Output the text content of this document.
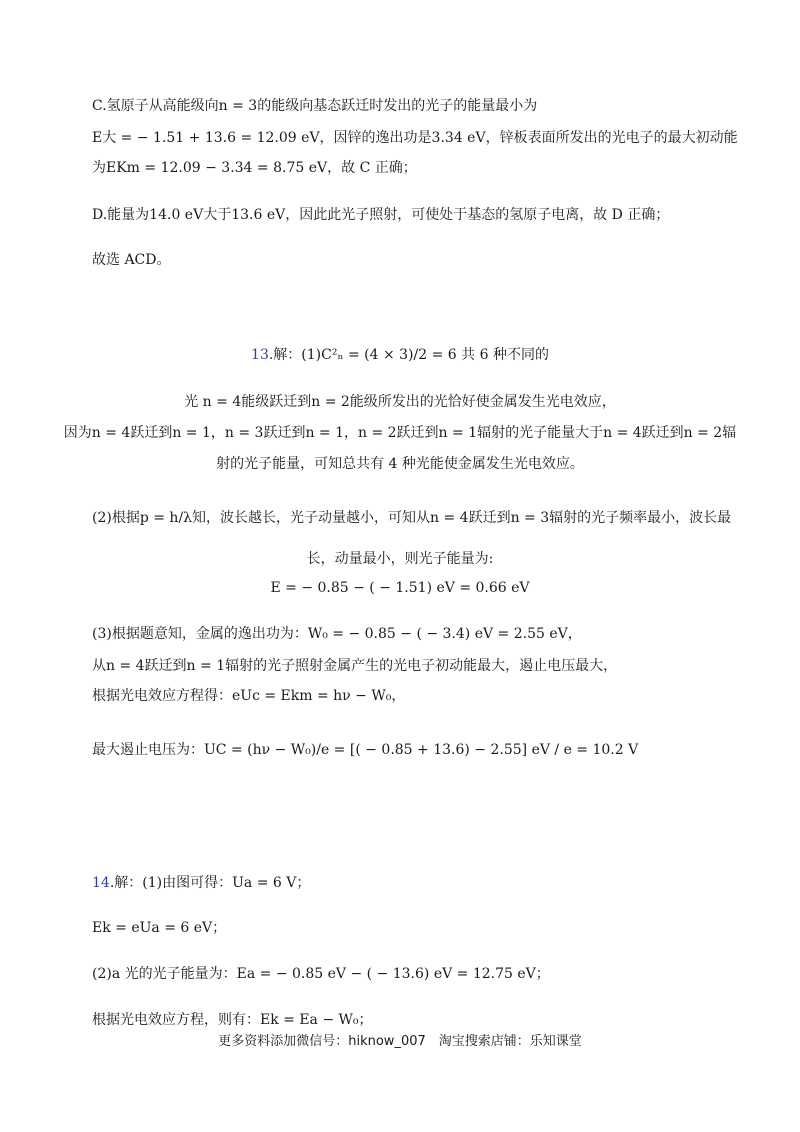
C.氢原子从高能级向n = 3的能级向基态跃迁时发出的光子的能量最小为
E大 = − 1.51 + 13.6 = 12.09 eV，因锌的逸出功是3.34 eV，锌板表面所发出的光电子的最大初动能
为EKm = 12.09 − 3.34 = 8.75 eV，故 C 正确；
D.能量为14.0 eV大于13.6 eV，因此此光子照射，可使处于基态的氢原子电离，故 D 正确；
故选 ACD。
13.解：(1)C²ₙ = (4 × 3)/2 = 6 共 6 种不同的
光 n = 4能级跃迁到n = 2能级所发出的光恰好使金属发生光电效应，
因为n = 4跃迁到n = 1，n = 3跃迁到n = 1，n = 2跃迁到n = 1辐射的光子能量大于n = 4跃迁到n = 2辐
射的光子能量，可知总共有 4 种光能使金属发生光电效应。
(2)根据p = h/λ知，波长越长，光子动量越小，可知从n = 4跃迁到n = 3辐射的光子频率最小，波长最
长，动量最小，则光子能量为:
E = − 0.85 − ( − 1.51) eV = 0.66 eV
(3)根据题意知，金属的逸出功为：W₀ = − 0.85 − ( − 3.4) eV = 2.55 eV，
从n = 4跃迁到n = 1辐射的光子照射金属产生的光电子初动能最大，遏止电压最大，
根据光电效应方程得：eUc = Ekm = hν − W₀，
最大遏止电压为：UC = (hν − W₀)/e = [( − 0.85 + 13.6) − 2.55] eV / e = 10.2 V
14.解：(1)由图可得：Ua = 6 V；
Ek = eUa = 6 eV；
(2)a 光的光子能量为：Ea = − 0.85 eV − ( − 13.6) eV = 12.75 eV；
根据光电效应方程，则有：Ek = Ea − W₀；
更多资料添加微信号：hiknow_007　淘宝搜索店铺：乐知课堂
